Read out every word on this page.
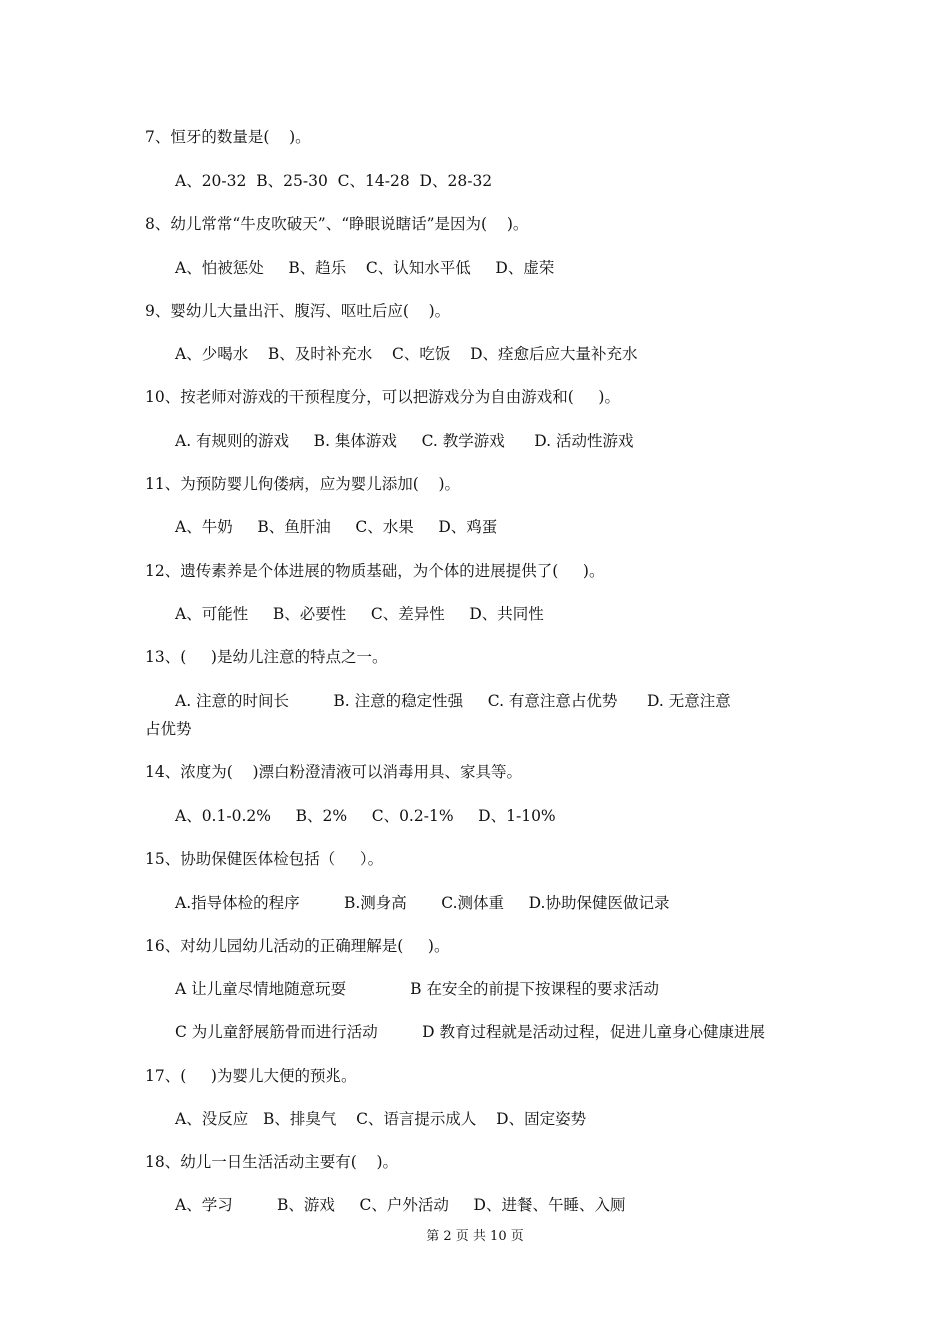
7、恒牙的数量是(    )。
A、20-32  B、25-30  C、14-28  D、28-32
8、幼儿常常“牛皮吹破天”、“睁眼说瞎话”是因为(    )。
A、怕被惩处     B、趋乐    C、认知水平低     D、虚荣
9、婴幼儿大量出汗、腹泻、呕吐后应(    )。
A、少喝水    B、及时补充水    C、吃饭    D、痊愈后应大量补充水
10、按老师对游戏的干预程度分，可以把游戏分为自由游戏和(     )。
A. 有规则的游戏     B. 集体游戏     C. 教学游戏      D. 活动性游戏
11、为预防婴儿佝偻病，应为婴儿添加(    )。
A、牛奶     B、鱼肝油     C、水果     D、鸡蛋
12、遗传素养是个体进展的物质基础，为个体的进展提供了(     )。
A、可能性     B、必要性     C、差异性     D、共同性
13、(     )是幼儿注意的特点之一。
A. 注意的时间长         B. 注意的稳定性强     C. 有意注意占优势      D. 无意注意
占优势
14、浓度为(    )漂白粉澄清液可以消毒用具、家具等。
A、0.1-0.2%     B、2%     C、0.2-1%     D、1-10%
15、协助保健医体检包括（     ）。
A.指导体检的程序         B.测身高       C.测体重     D.协助保健医做记录
16、对幼儿园幼儿活动的正确理解是(     )。
A 让儿童尽情地随意玩耍             B 在安全的前提下按课程的要求活动
C 为儿童舒展筋骨而进行活动         D 教育过程就是活动过程，促进儿童身心健康进展
17、(     )为婴儿大便的预兆。
A、没反应   B、排臭气    C、语言提示成人    D、固定姿势
18、幼儿一日生活活动主要有(    )。
A、学习         B、游戏     C、户外活动     D、进餐、午睡、入厕
第 2 页 共 10 页
